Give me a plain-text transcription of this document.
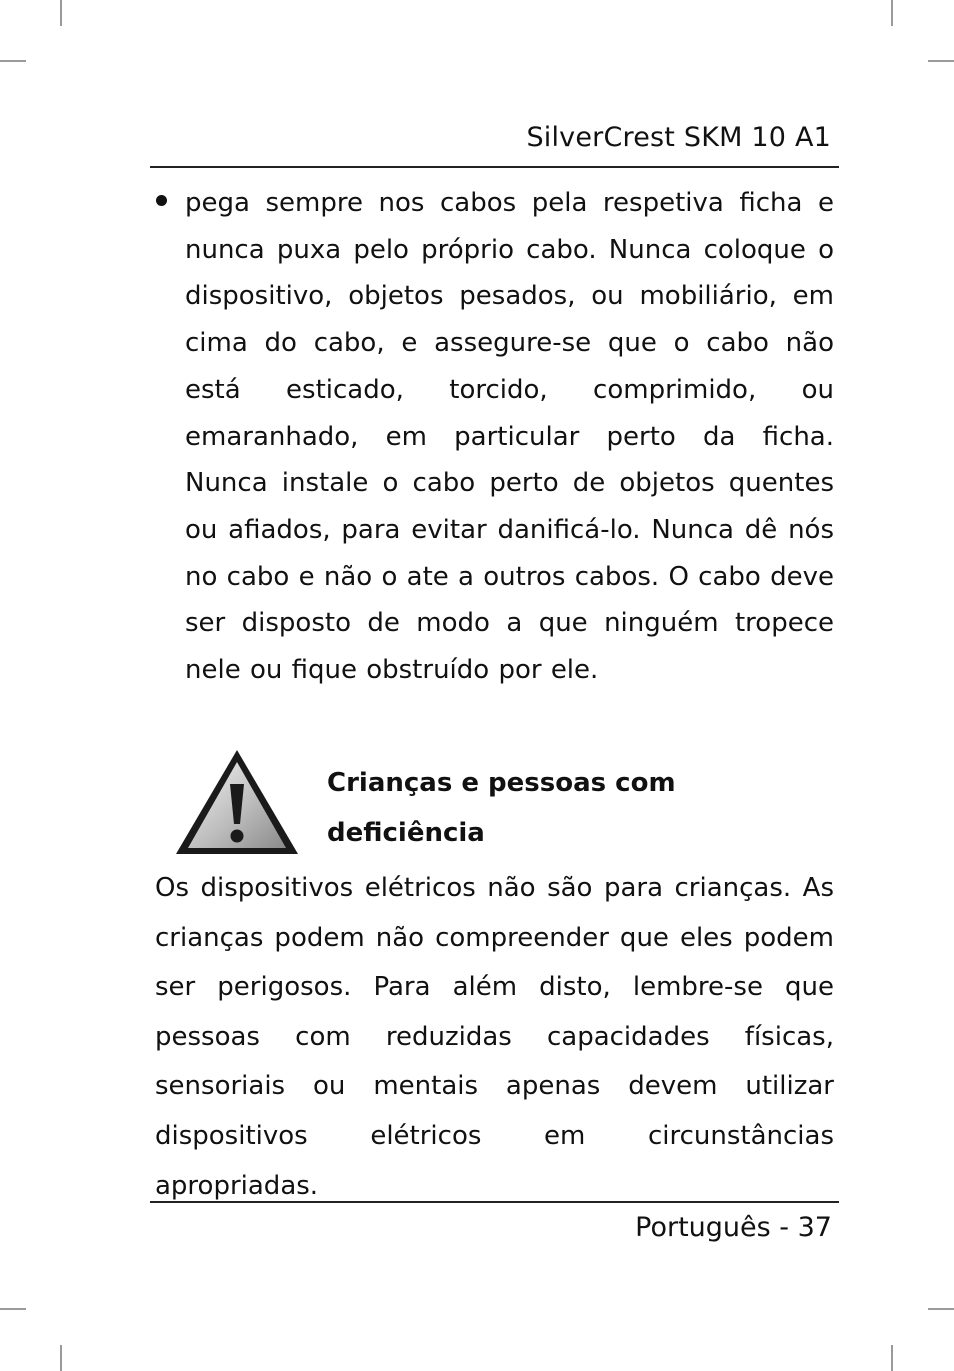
SilverCrest SKM 10 A1

pega sempre nos cabos pela respetiva ficha e nunca puxa pelo próprio cabo. Nunca coloque o dispositivo, objetos pesados, ou mobiliário, em cima do cabo, e assegure-se que o cabo não está esticado, torcido, comprimido, ou emaranhado, em particular perto da ficha. Nunca instale o cabo perto de objetos quentes ou afiados, para evitar danificá-lo. Nunca dê nós no cabo e não o ate a outros cabos. O cabo deve ser disposto de modo a que ninguém tropece nele ou fique obstruído por ele.

Crianças e pessoas com
deficiência

Os dispositivos elétricos não são para crianças. As crianças podem não compreender que eles podem ser perigosos. Para além disto, lembre-se que pessoas com reduzidas capacidades físicas, sensoriais ou mentais apenas devem utilizar dispositivos elétricos em circunstâncias apropriadas.

Português - 37
